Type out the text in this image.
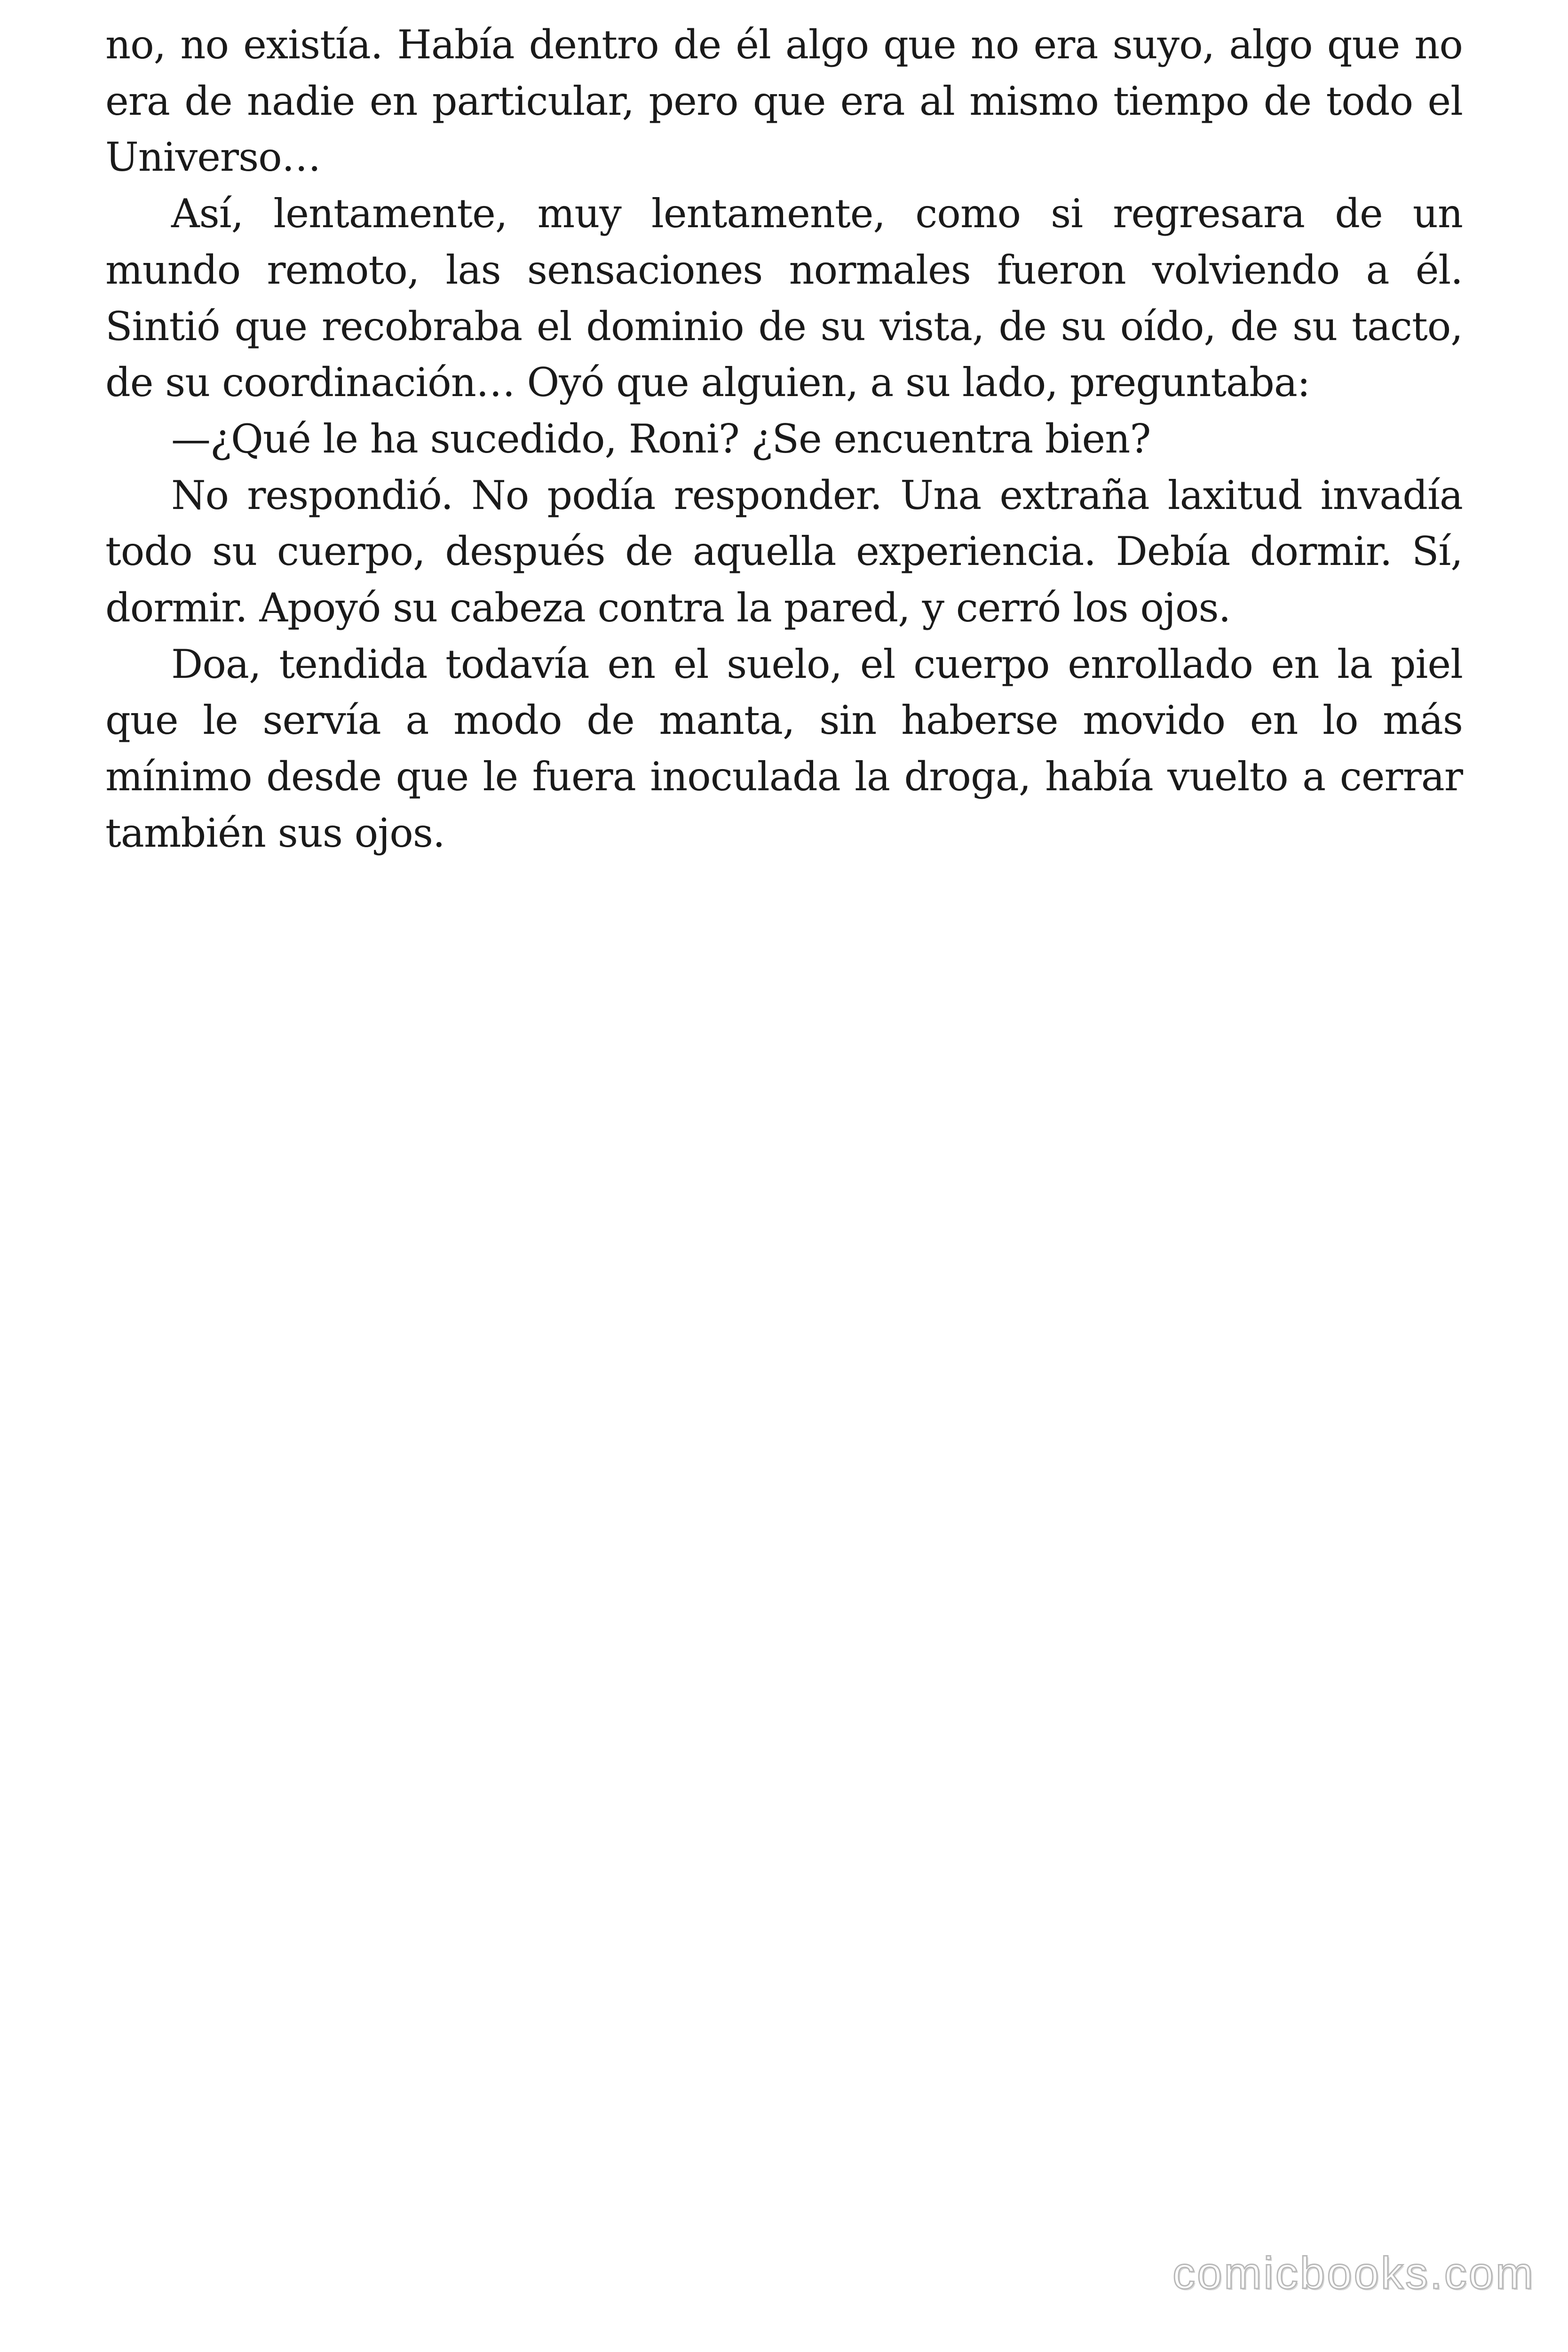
no, no existía. Había dentro de él algo que no era suyo, algo que no era de nadie en particular, pero que era al mismo tiempo de todo el Universo…

Así, lentamente, muy lentamente, como si regresara de un mundo remoto, las sensaciones normales fueron volviendo a él. Sintió que recobraba el dominio de su vista, de su oído, de su tacto, de su coordinación… Oyó que alguien, a su lado, preguntaba:

—¿Qué le ha sucedido, Roni? ¿Se encuentra bien?

No respondió. No podía responder. Una extraña laxitud invadía todo su cuerpo, después de aquella experiencia. Debía dormir. Sí, dormir. Apoyó su cabeza contra la pared, y cerró los ojos.

Doa, tendida todavía en el suelo, el cuerpo enrollado en la piel que le servía a modo de manta, sin haberse movido en lo más mínimo desde que le fuera inoculada la droga, había vuelto a cerrar también sus ojos.

comicbooks.com
